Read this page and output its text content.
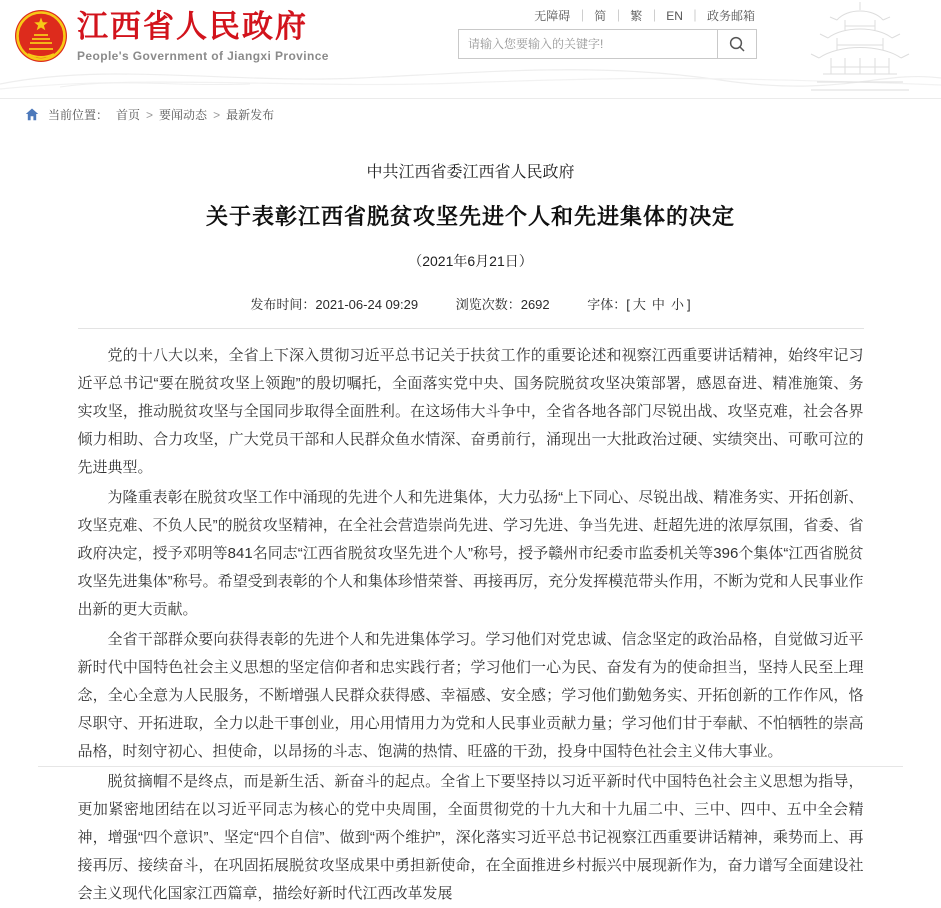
江西省人民政府
People's Government of Jiangxi Province
无障碍 ｜ 简 ｜ 繁 ｜ EN ｜ 政务邮箱
请输入您要输入的关键字!
当前位置： 首页 > 要闻动态 > 最新发布
中共江西省委江西省人民政府
关于表彰江西省脱贫攻坚先进个人和先进集体的决定
（2021年6月21日）
发布时间：2021-06-24 09:29	浏览次数：2692	字体：[ 大 中 小 ]

党的十八大以来，全省上下深入贯彻习近平总书记关于扶贫工作的重要论述和视察江西重要讲话精神，始终牢记习近平总书记“要在脱贫攻坚上领跑”的殷切嘱托，全面落实党中央、国务院脱贫攻坚决策部署，感恩奋进、精准施策、务实攻坚，推动脱贫攻坚与全国同步取得全面胜利。在这场伟大斗争中，全省各地各部门尽锐出战、攻坚克难，社会各界倾力相助、合力攻坚，广大党员干部和人民群众鱼水情深、奋勇前行，涌现出一大批政治过硬、实绩突出、可歌可泣的先进典型。

为隆重表彰在脱贫攻坚工作中涌现的先进个人和先进集体，大力弘扬“上下同心、尽锐出战、精准务实、开拓创新、攻坚克难、不负人民”的脱贫攻坚精神，在全社会营造崇尚先进、学习先进、争当先进、赶超先进的浓厚氛围，省委、省政府决定，授予邓明等841名同志“江西省脱贫攻坚先进个人”称号，授予赣州市纪委市监委机关等396个集体“江西省脱贫攻坚先进集体”称号。希望受到表彰的个人和集体珍惜荣誉、再接再厉，充分发挥模范带头作用，不断为党和人民事业作出新的更大贡献。

全省干部群众要向获得表彰的先进个人和先进集体学习。学习他们对党忠诚、信念坚定的政治品格，自觉做习近平新时代中国特色社会主义思想的坚定信仰者和忠实践行者；学习他们一心为民、奋发有为的使命担当，坚持人民至上理念，全心全意为人民服务，不断增强人民群众获得感、幸福感、安全感；学习他们勤勉务实、开拓创新的工作作风，恪尽职守、开拓进取，全力以赴干事创业，用心用情用力为党和人民事业贡献力量；学习他们甘于奉献、不怕牺牲的崇高品格，时刻守初心、担使命，以昂扬的斗志、饱满的热情、旺盛的干劲，投身中国特色社会主义伟大事业。

脱贫摘帽不是终点，而是新生活、新奋斗的起点。全省上下要坚持以习近平新时代中国特色社会主义思想为指导，更加紧密地团结在以习近平同志为核心的党中央周围，全面贯彻党的十九大和十九届二中、三中、四中、五中全会精神，增强“四个意识”、坚定“四个自信”、做到“两个维护”，深化落实习近平总书记视察江西重要讲话精神，乘势而上、再接再厉、接续奋斗，在巩固拓展脱贫攻坚成果中勇担新使命，在全面推进乡村振兴中展现新作为，奋力谱写全面建设社会主义现代化国家江西篇章，描绘好新时代江西改革发展
